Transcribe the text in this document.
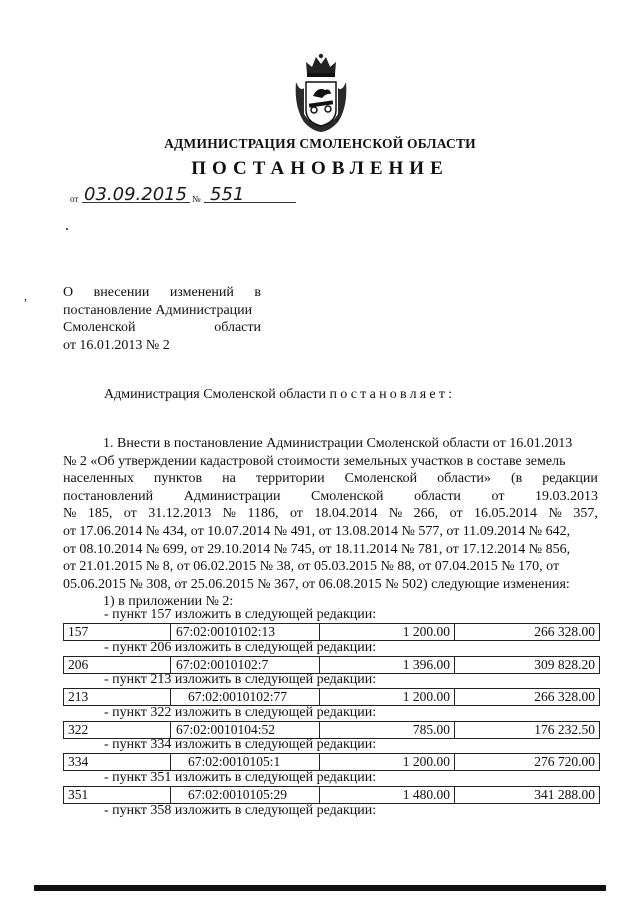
АДМИНИСТРАЦИЯ СМОЛЕНСКОЙ ОБЛАСТИ
ПОСТАНОВЛЕНИЕ
от 03.09.2015 № 551
,	О внесении изменений в
постановление Администрации
Смоленской	области
от 16.01.2013 № 2
Администрация Смоленской области постановляет:
1. Внести в постановление Администрации Смоленской области от 16.01.2013
№ 2 «Об утверждении кадастровой стоимости земельных участков в составе земель
населенных пунктов на территории Смоленской области» (в редакции
постановлений Администрации Смоленской области от 19.03.2013
№ 185, от 31.12.2013 № 1186, от 18.04.2014 № 266, от 16.05.2014 № 357,
от 17.06.2014 № 434, от 10.07.2014 № 491, от 13.08.2014 № 577, от 11.09.2014 № 642,
от 08.10.2014 № 699, от 29.10.2014 № 745, от 18.11.2014 № 781, от 17.12.2014 № 856,
от 21.01.2015 № 8, от 06.02.2015 № 38, от 05.03.2015 № 88, от 07.04.2015 № 170, от
05.06.2015 № 308, от 25.06.2015 № 367, от 06.08.2015 № 502) следующие изменения:
1) в приложении № 2:
- пункт 157 изложить в следующей редакции:
157	67:02:0010102:13	1 200.00	266 328.00
- пункт 206 изложить в следующей редакции:
206	67:02:0010102:7	1 396.00	309 828.20
- пункт 213 изложить в следующей редакции:
213	67:02:0010102:77	1 200.00	266 328.00
- пункт 322 изложить в следующей редакции:
322	67:02:0010104:52	785.00	176 232.50
- пункт 334 изложить в следующей редакции:
334	67:02:0010105:1	1 200.00	276 720.00
- пункт 351 изложить в следующей редакции:
351	67:02:0010105:29	1 480.00	341 288.00
- пункт 358 изложить в следующей редакции:
